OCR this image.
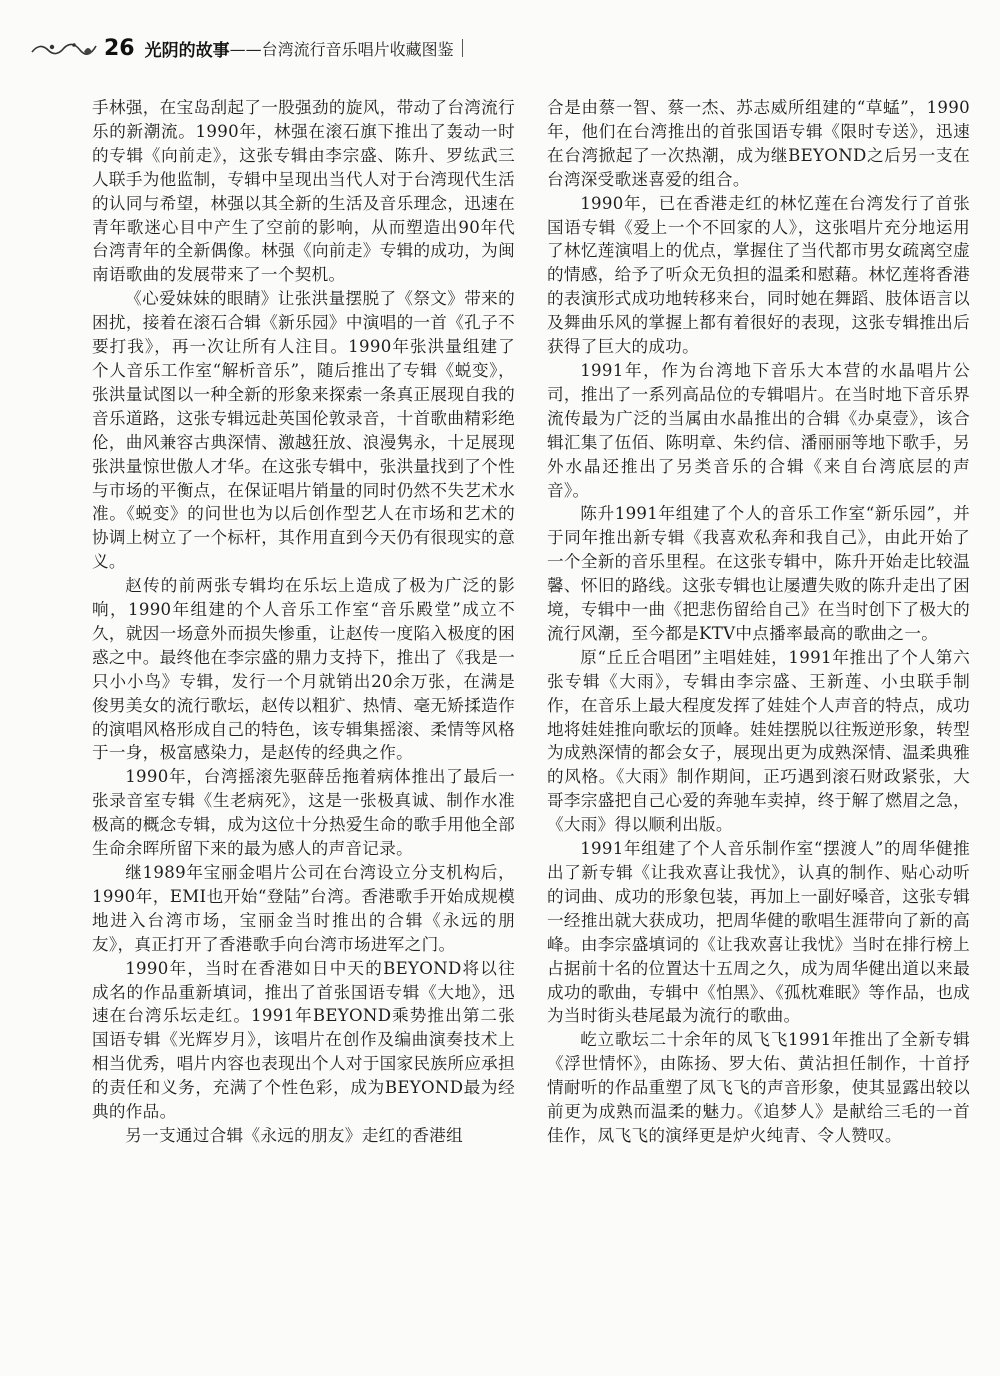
26 光阴的故事 ——台湾流行音乐唱片收藏图鉴

手林强，在宝岛刮起了一股强劲的旋风，带动了台湾流行乐的新潮流。1990年，林强在滚石旗下推出了轰动一时的专辑《向前走》，这张专辑由李宗盛、陈升、罗纮武三人联手为他监制，专辑中呈现出当代人对于台湾现代生活的认同与希望，林强以其全新的生活及音乐理念，迅速在青年歌迷心目中产生了空前的影响，从而塑造出90年代台湾青年的全新偶像。林强《向前走》专辑的成功，为闽南语歌曲的发展带来了一个契机。

《心爱妹妹的眼睛》让张洪量摆脱了《祭文》带来的困扰，接着在滚石合辑《新乐园》中演唱的一首《孔子不要打我》，再一次让所有人注目。1990年张洪量组建了个人音乐工作室“解析音乐”，随后推出了专辑《蜕变》，张洪量试图以一种全新的形象来探索一条真正展现自我的音乐道路，这张专辑远赴英国伦敦录音，十首歌曲精彩绝伦，曲风兼容古典深情、激越狂放、浪漫隽永，十足展现张洪量惊世傲人才华。在这张专辑中，张洪量找到了个性与市场的平衡点，在保证唱片销量的同时仍然不失艺术水准。《蜕变》的问世也为以后创作型艺人在市场和艺术的协调上树立了一个标杆，其作用直到今天仍有很现实的意义。

赵传的前两张专辑均在乐坛上造成了极为广泛的影响，1990年组建的个人音乐工作室“音乐殿堂”成立不久，就因一场意外而损失惨重，让赵传一度陷入极度的困惑之中。最终他在李宗盛的鼎力支持下，推出了《我是一只小小鸟》专辑，发行一个月就销出20余万张，在满是俊男美女的流行歌坛，赵传以粗犷、热情、毫无矫揉造作的演唱风格形成自己的特色，该专辑集摇滚、柔情等风格于一身，极富感染力，是赵传的经典之作。

1990年，台湾摇滚先驱薛岳拖着病体推出了最后一张录音室专辑《生老病死》，这是一张极真诚、制作水准极高的概念专辑，成为这位十分热爱生命的歌手用他全部生命余晖所留下来的最为感人的声音记录。

继1989年宝丽金唱片公司在台湾设立分支机构后，1990年，EMI也开始“登陆”台湾。香港歌手开始成规模地进入台湾市场，宝丽金当时推出的合辑《永远的朋友》，真正打开了香港歌手向台湾市场进军之门。

1990年，当时在香港如日中天的BEYOND将以往成名的作品重新填词，推出了首张国语专辑《大地》，迅速在台湾乐坛走红。1991年BEYOND乘势推出第二张国语专辑《光辉岁月》，该唱片在创作及编曲演奏技术上相当优秀，唱片内容也表现出个人对于国家民族所应承担的责任和义务，充满了个性色彩，成为BEYOND最为经典的作品。

另一支通过合辑《永远的朋友》走红的香港组

合是由蔡一智、蔡一杰、苏志威所组建的“草蜢”，1990年，他们在台湾推出的首张国语专辑《限时专送》，迅速在台湾掀起了一次热潮，成为继BEYOND之后另一支在台湾深受歌迷喜爱的组合。

1990年，已在香港走红的林忆莲在台湾发行了首张国语专辑《爱上一个不回家的人》，这张唱片充分地运用了林忆莲演唱上的优点，掌握住了当代都市男女疏离空虚的情感，给予了听众无负担的温柔和慰藉。林忆莲将香港的表演形式成功地转移来台，同时她在舞蹈、肢体语言以及舞曲乐风的掌握上都有着很好的表现，这张专辑推出后获得了巨大的成功。

1991年，作为台湾地下音乐大本营的水晶唱片公司，推出了一系列高品位的专辑唱片。在当时地下音乐界流传最为广泛的当属由水晶推出的合辑《办桌壹》，该合辑汇集了伍佰、陈明章、朱约信、潘丽丽等地下歌手，另外水晶还推出了另类音乐的合辑《来自台湾底层的声音》。

陈升1991年组建了个人的音乐工作室“新乐园”，并于同年推出新专辑《我喜欢私奔和我自己》，由此开始了一个全新的音乐里程。在这张专辑中，陈升开始走比较温馨、怀旧的路线。这张专辑也让屡遭失败的陈升走出了困境，专辑中一曲《把悲伤留给自己》在当时创下了极大的流行风潮，至今都是KTV中点播率最高的歌曲之一。

原“丘丘合唱团”主唱娃娃，1991年推出了个人第六张专辑《大雨》，专辑由李宗盛、王新莲、小虫联手制作，在音乐上最大程度发挥了娃娃个人声音的特点，成功地将娃娃推向歌坛的顶峰。娃娃摆脱以往叛逆形象，转型为成熟深情的都会女子，展现出更为成熟深情、温柔典雅的风格。《大雨》制作期间，正巧遇到滚石财政紧张，大哥李宗盛把自己心爱的奔驰车卖掉，终于解了燃眉之急，《大雨》得以顺利出版。

1991年组建了个人音乐制作室“摆渡人”的周华健推出了新专辑《让我欢喜让我忧》，认真的制作、贴心动听的词曲、成功的形象包装，再加上一副好嗓音，这张专辑一经推出就大获成功，把周华健的歌唱生涯带向了新的高峰。由李宗盛填词的《让我欢喜让我忧》当时在排行榜上占据前十名的位置达十五周之久，成为周华健出道以来最成功的歌曲，专辑中《怕黑》、《孤枕难眠》等作品，也成为当时街头巷尾最为流行的歌曲。

屹立歌坛二十余年的凤飞飞1991年推出了全新专辑《浮世情怀》，由陈扬、罗大佑、黄沾担任制作，十首抒情耐听的作品重塑了凤飞飞的声音形象，使其显露出较以前更为成熟而温柔的魅力。《追梦人》是献给三毛的一首佳作，凤飞飞的演绎更是炉火纯青、令人赞叹。
